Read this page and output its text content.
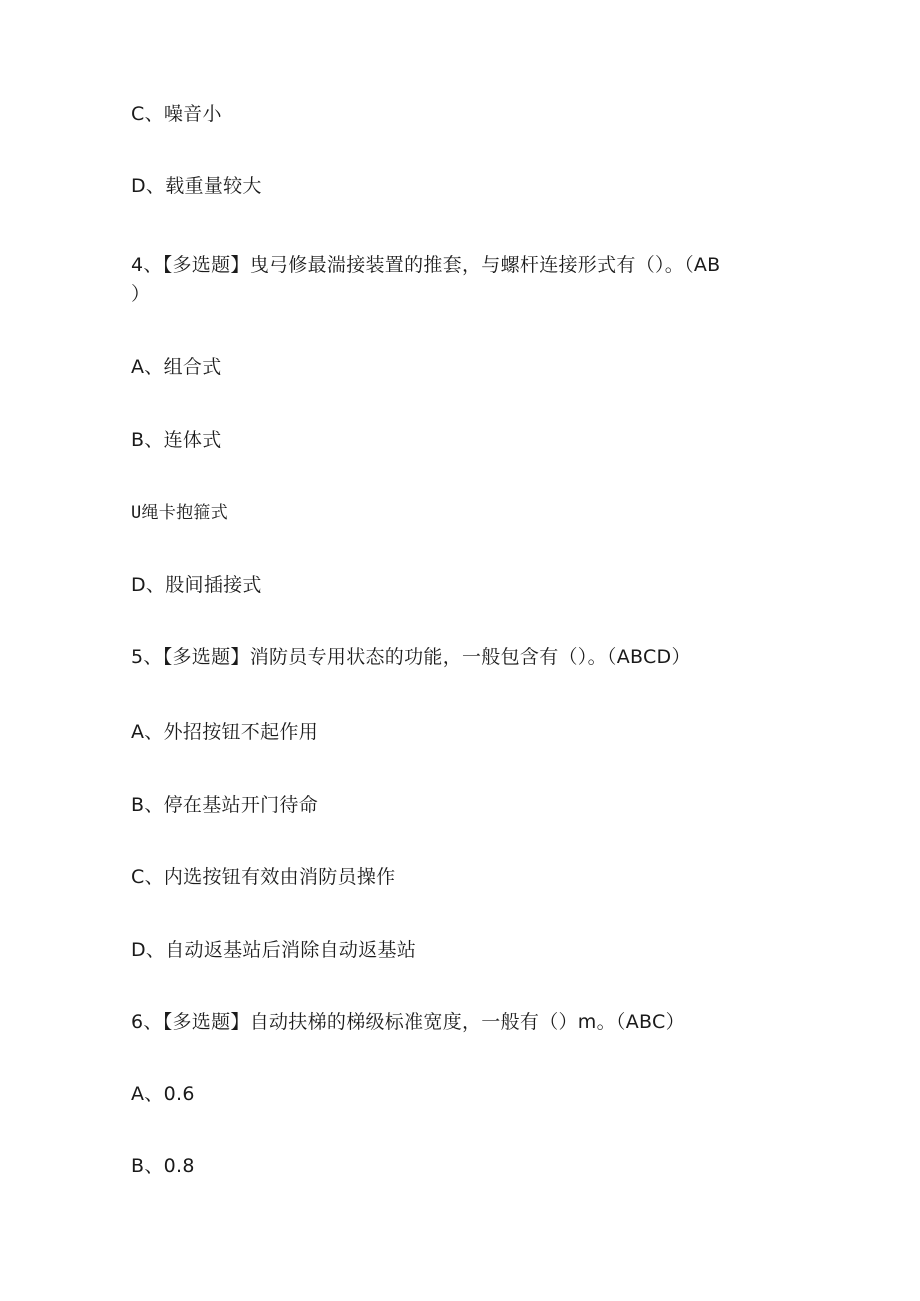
C、噪音小
D、载重量较大
4、【多选题】曳弓修最湍接装置的推套，与螺杆连接形式有（）。（AB
）
A、组合式
B、连体式
U绳卡抱箍式
D、股间插接式
5、【多选题】消防员专用状态的功能，一般包含有（）。（ABCD）
A、外招按钮不起作用
B、停在基站开门待命
C、内选按钮有效由消防员操作
D、自动返基站后消除自动返基站
6、【多选题】自动扶梯的梯级标准宽度，一般有（）m。（ABC）
A、0.6
B、0.8
